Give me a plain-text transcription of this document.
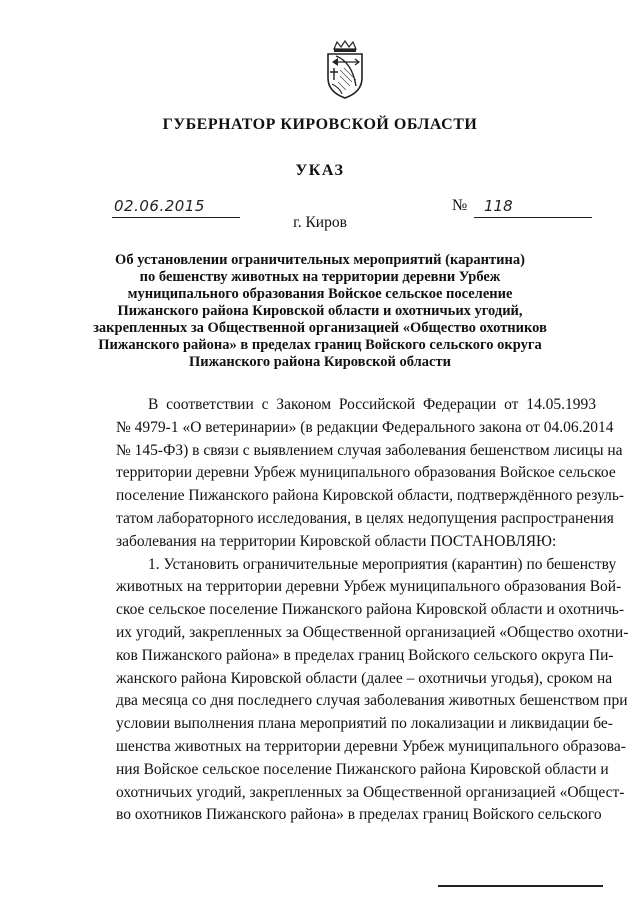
ГУБЕРНАТОР КИРОВСКОЙ ОБЛАСТИ
УКАЗ
02.06.2015	№ 118
г. Киров
Об установлении ограничительных мероприятий (карантина)
по бешенству животных на территории деревни Урбеж
муниципального образования Войское сельское поселение
Пижанского района Кировской области и охотничьих угодий,
закрепленных за Общественной организацией «Общество охотников
Пижанского района» в пределах границ Войского сельского округа
Пижанского района Кировской области
В соответствии с Законом Российской Федерации от 14.05.1993
№ 4979-1 «О ветеринарии» (в редакции Федерального закона от 04.06.2014
№ 145-ФЗ) в связи с выявлением случая заболевания бешенством лисицы на
территории деревни Урбеж муниципального образования Войское сельское
поселение Пижанского района Кировской области, подтверждённого резуль-
татом лабораторного исследования, в целях недопущения распространения
заболевания на территории Кировской области ПОСТАНОВЛЯЮ:
1. Установить ограничительные мероприятия (карантин) по бешенству
животных на территории деревни Урбеж муниципального образования Вой-
ское сельское поселение Пижанского района Кировской области и охотничь-
их угодий, закрепленных за Общественной организацией «Общество охотни-
ков Пижанского района» в пределах границ Войского сельского округа Пи-
жанского района Кировской области (далее – охотничьи угодья), сроком на
два месяца со дня последнего случая заболевания животных бешенством при
условии выполнения плана мероприятий по локализации и ликвидации бе-
шенства животных на территории деревни Урбеж муниципального образова-
ния Войское сельское поселение Пижанского района Кировской области и
охотничьих угодий, закрепленных за Общественной организацией «Общест-
во охотников Пижанского района» в пределах границ Войского сельского
